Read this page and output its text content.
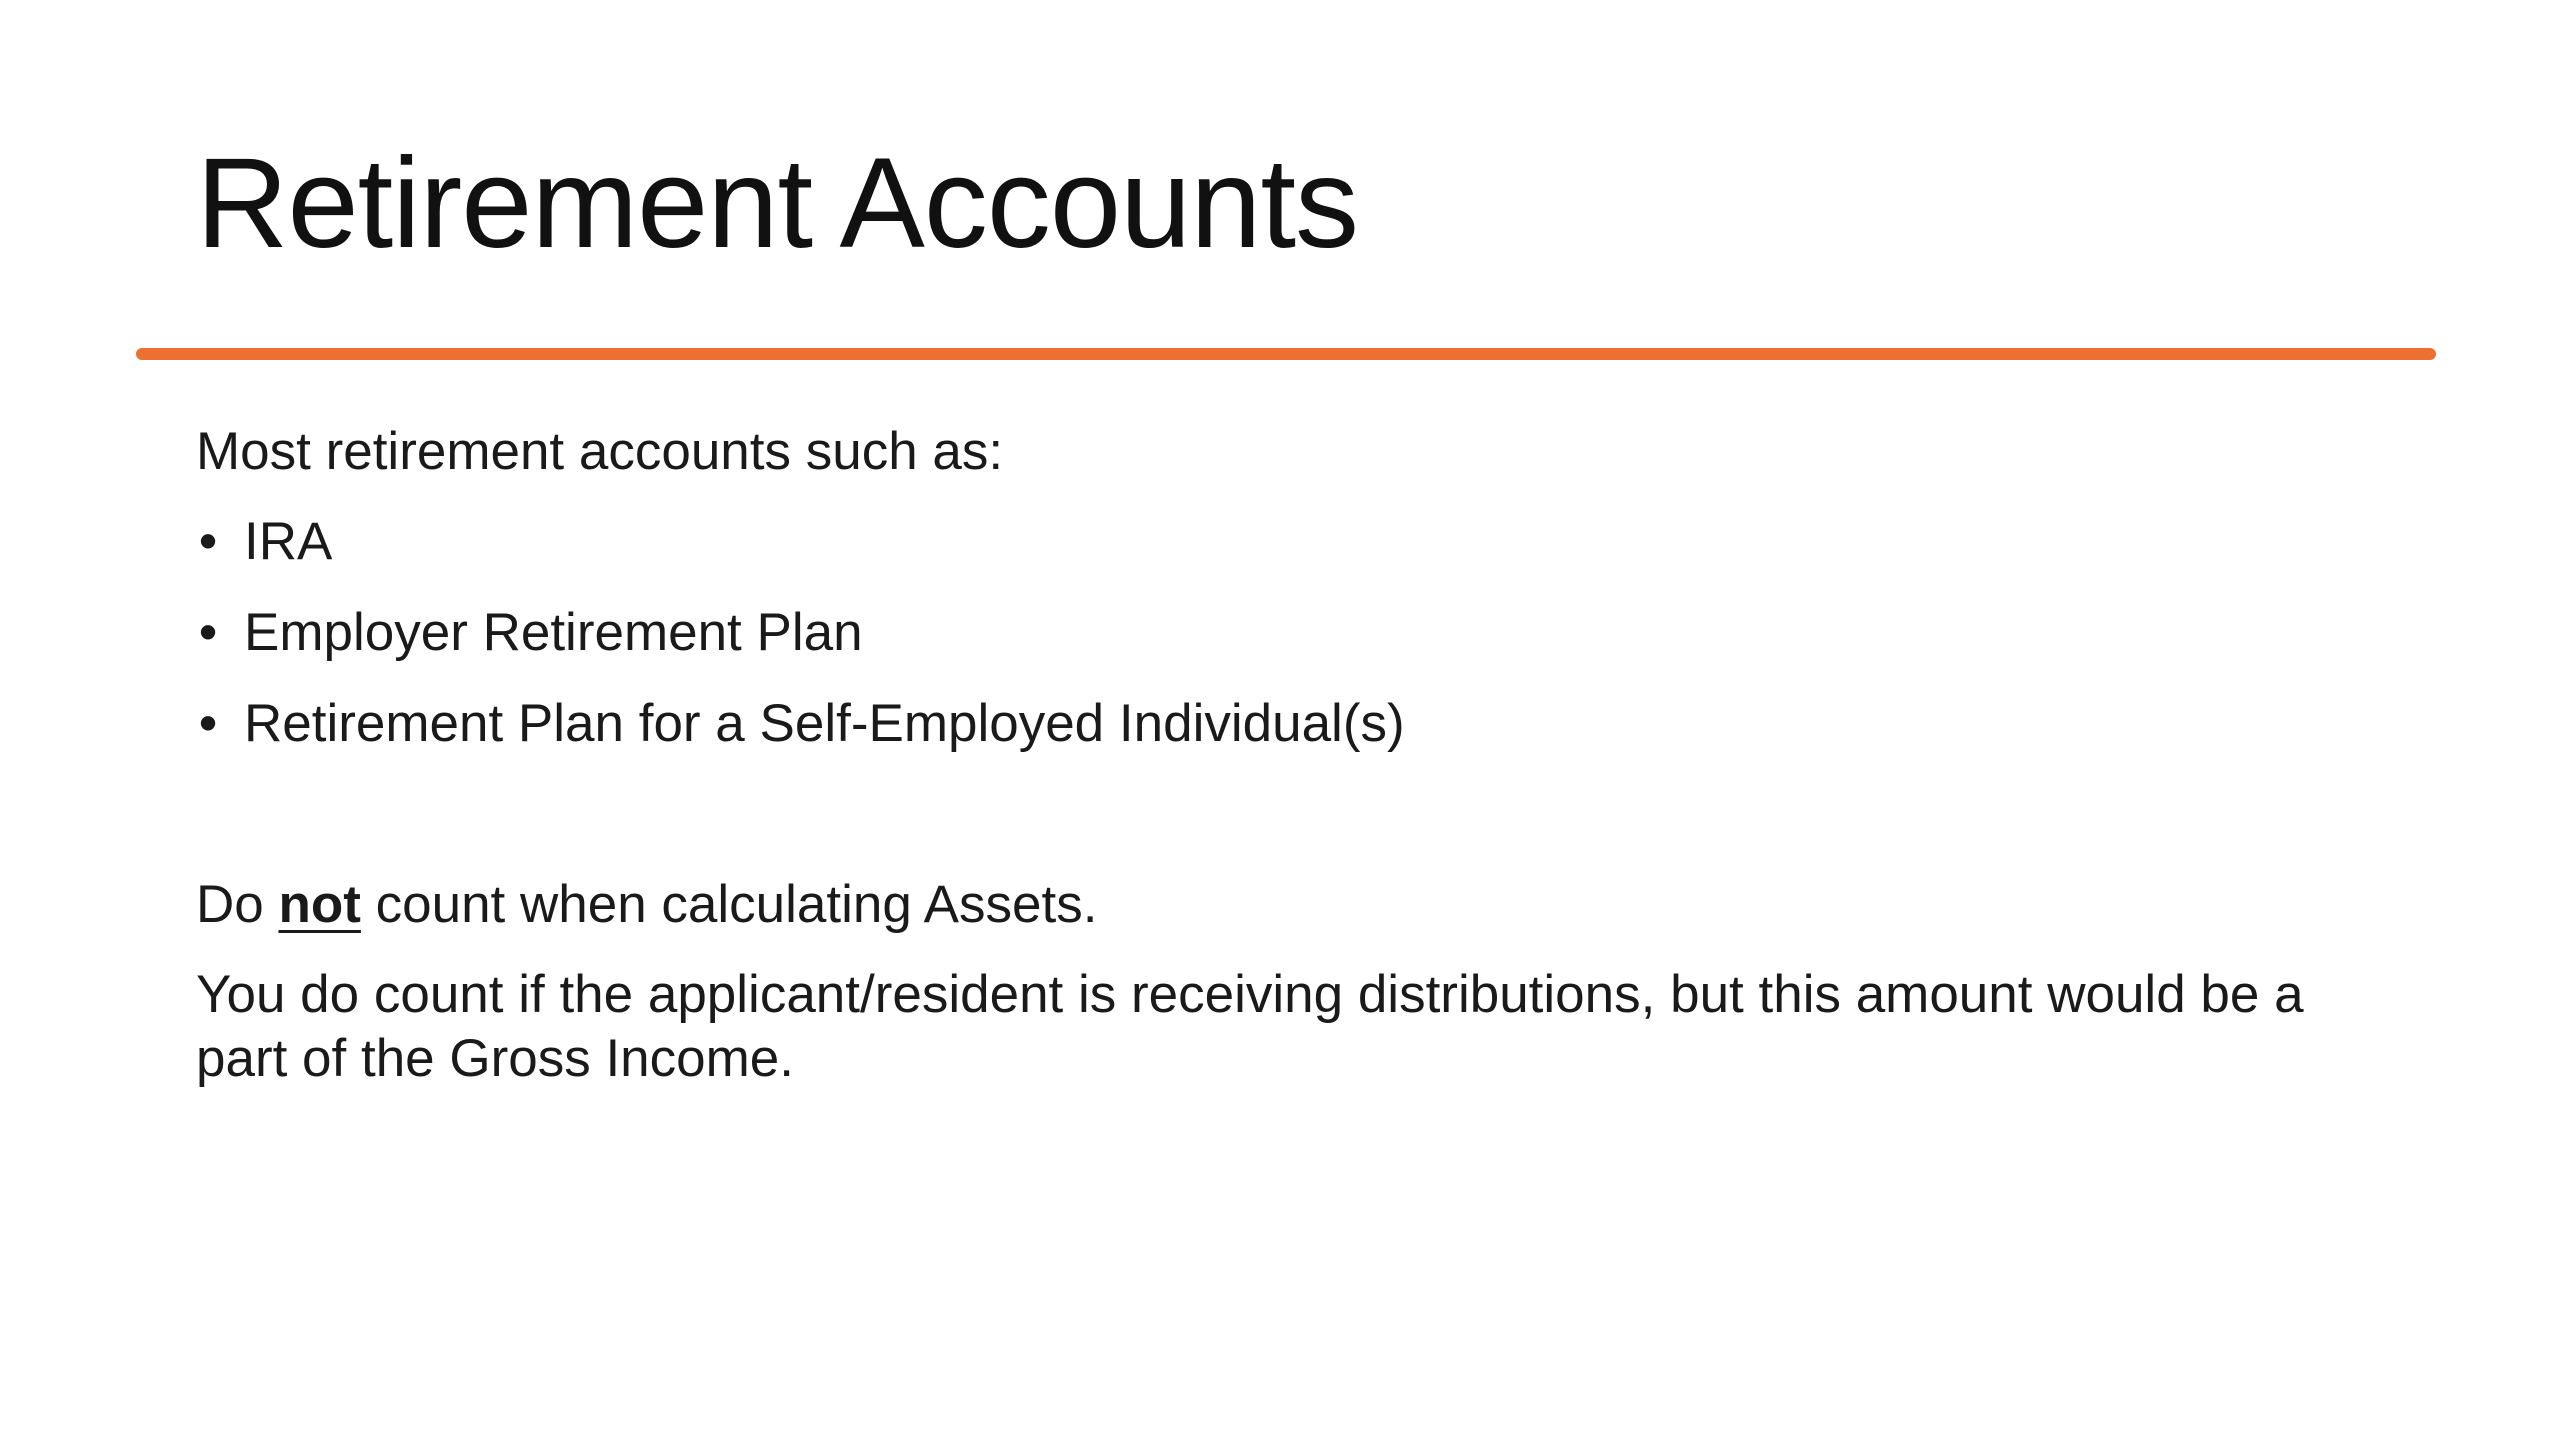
Retirement Accounts

Most retirement accounts such as:

• IRA
• Employer Retirement Plan
• Retirement Plan for a Self-Employed Individual(s)

Do not count when calculating Assets.

You do count if the applicant/resident is receiving distributions, but this amount would be a part of the Gross Income.
